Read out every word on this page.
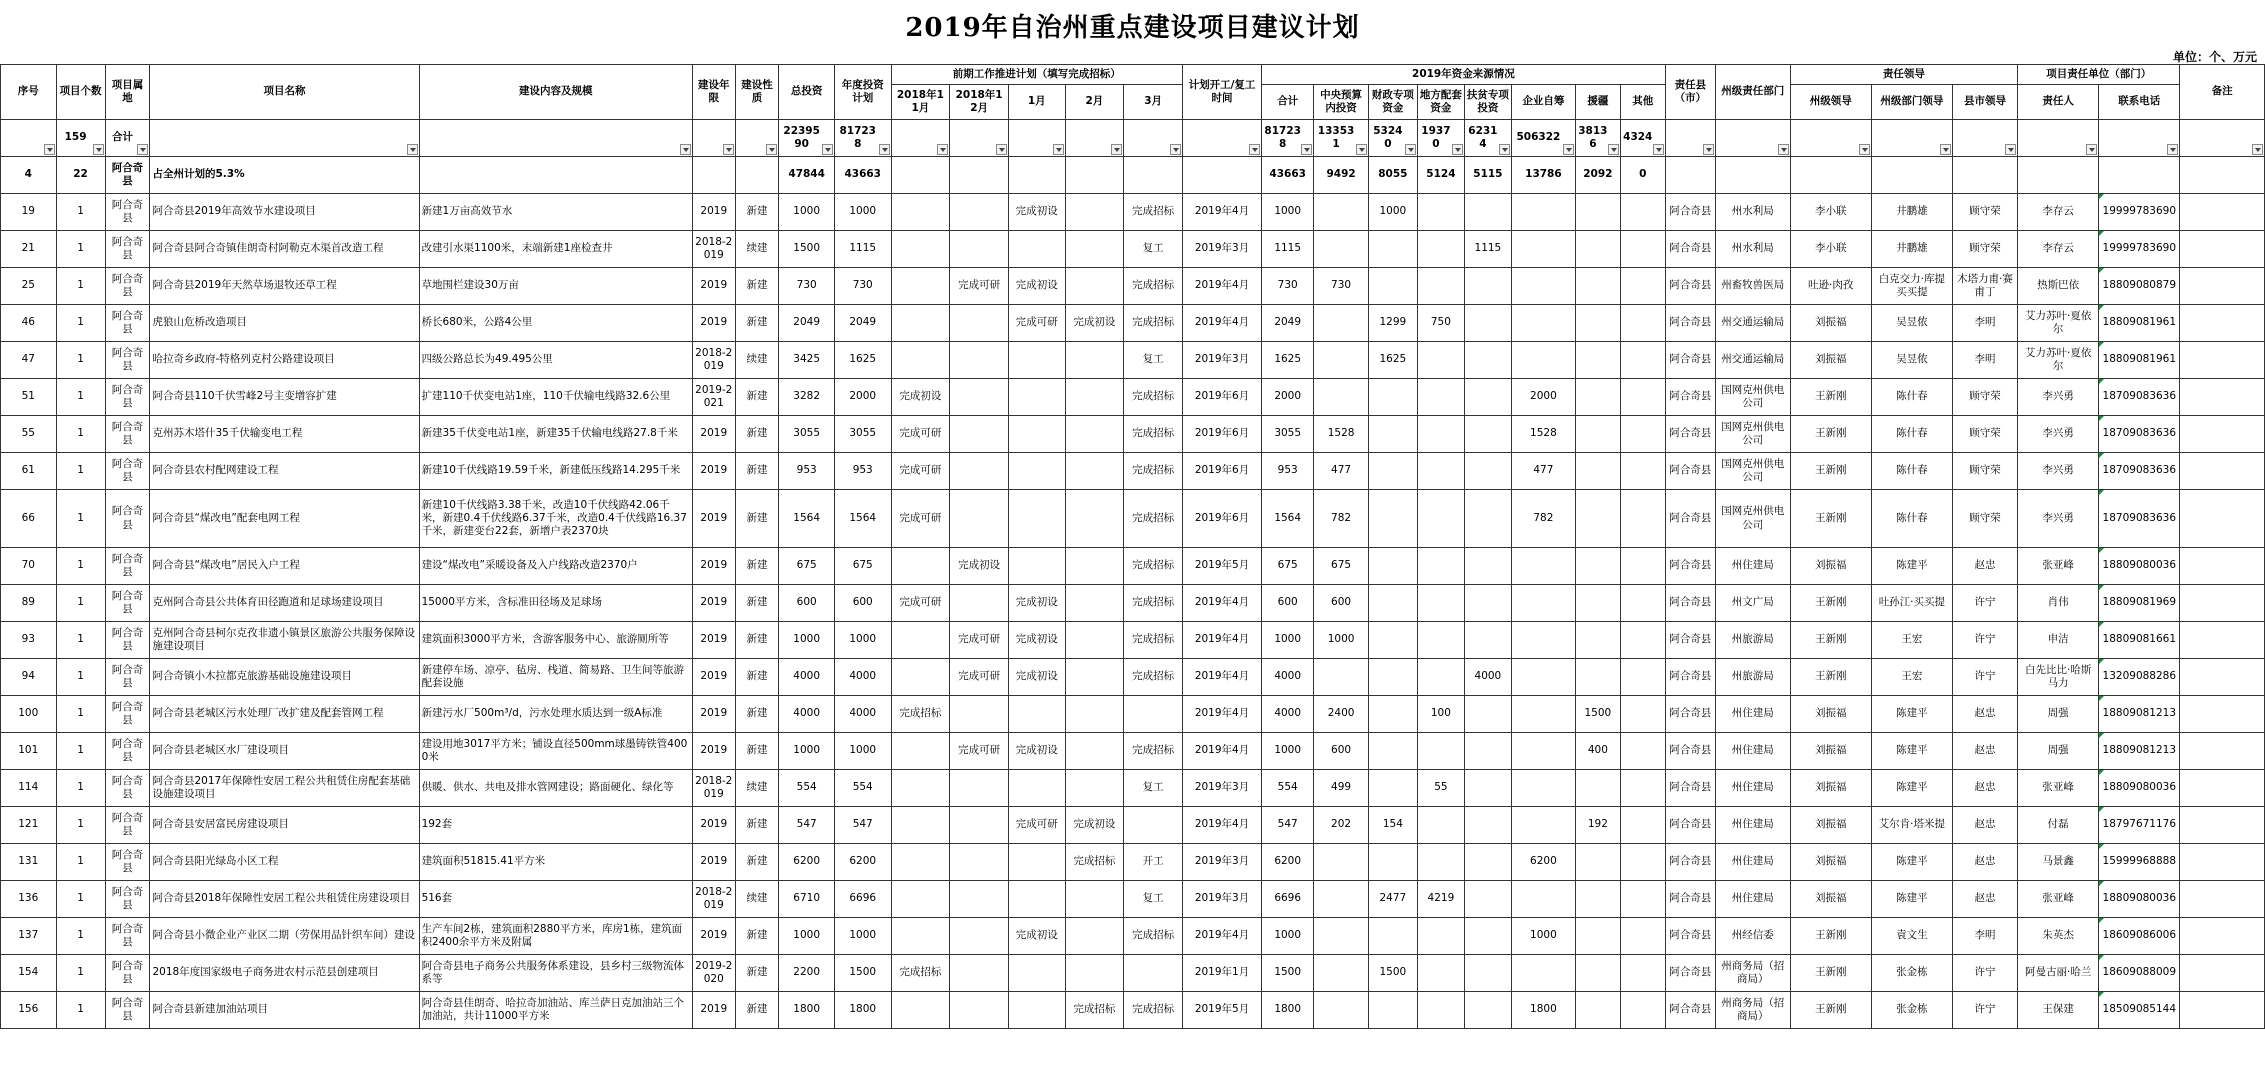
2019年自治州重点建设项目建议计划
单位：个、万元
序号	项目个数	项目属地	项目名称	建设内容及规模	建设年限	建设性质	总投资	年度投资计划	前期工作推进计划（填写完成招标）					计划开工/复工时间	2019年资金来源情况								责任县（市）	州级责任部门	责任领导			项目责任单位（部门）		备注
									2018年11月	2018年12月	1月	2月	3月		合计	中央预算内投资	财政专项资金	地方配套资金	扶贫专项投资	企业自筹	援疆	其他			州级领导	州级部门领导	县市领导	责任人	联系电话	

	159	合计					2239590	817238							817238	133531	53240	19370	62314	506322	38136	4324								

4	22	阿合奇县	占全州计划的5.3%				47844	43663							43663	9492	8055	5124	5115	13786	2092	0								
19	1	阿合奇县	阿合奇县2019年高效节水建设项目	新建1万亩高效节水	2019	新建	1000	1000			完成初设		完成招标	2019年4月	1000		1000						阿合奇县	州水利局	李小联	井鹏雄	顾守荣	李存云	19999783690

21	1	阿合奇县	阿合奇县阿合奇镇佳朗奇村阿勒克木渠首改造工程	改建引水渠1100米，末端新建1座检查井	2018-2019	续建	1500	1115					复工	2019年3月	1115				1115				阿合奇县	州水利局	李小联	井鹏雄	顾守荣	李存云	19999783690

25	1	阿合奇县	阿合奇县2019年天然草场退牧还草工程	草地围栏建设30万亩	2019	新建	730	730		完成可研	完成初设		完成招标	2019年4月	730	730							阿合奇县	州畜牧兽医局	吐逊·肉孜	白克交力·库提买买提	木塔力甫·赛甫丁	热斯巴依	18809080879

46	1	阿合奇县	虎狼山危桥改造项目	桥长680米，公路4公里	2019	新建	2049	2049			完成可研	完成初设	完成招标	2019年4月	2049		1299	750					阿合奇县	州交通运输局	刘振福	吴昱侬	李明	艾力苏叶·夏依尔	18809081961

47	1	阿合奇县	哈拉奇乡政府-特格列克村公路建设项目	四级公路总长为49.495公里	2018-2019	续建	3425	1625					复工	2019年3月	1625		1625						阿合奇县	州交通运输局	刘振福	吴昱侬	李明	艾力苏叶·夏依尔	18809081961

51	1	阿合奇县	阿合奇县110千伏雪峰2号主变增容扩建	扩建110千伏变电站1座，110千伏输电线路32.6公里	2019-2021	新建	3282	2000	完成初设				完成招标	2019年6月	2000					2000			阿合奇县	国网克州供电公司	王新刚	陈什春	顾守荣	李兴勇	18709083636

55	1	阿合奇县	克州苏木塔什35千伏输变电工程	新建35千伏变电站1座，新建35千伏输电线路27.8千米	2019	新建	3055	3055	完成可研				完成招标	2019年6月	3055	1528				1528			阿合奇县	国网克州供电公司	王新刚	陈什春	顾守荣	李兴勇	18709083636

61	1	阿合奇县	阿合奇县农村配网建设工程	新建10千伏线路19.59千米，新建低压线路14.295千米	2019	新建	953	953	完成可研				完成招标	2019年6月	953	477				477			阿合奇县	国网克州供电公司	王新刚	陈什春	顾守荣	李兴勇	18709083636

66	1	阿合奇县	阿合奇县“煤改电”配套电网工程	新建10千伏线路3.38千米，改造10千伏线路42.06千米，新建0.4千伏线路6.37千米，改造0.4千伏线路16.37千米，新建变台22套，新增户表2370块	2019	新建	1564	1564	完成可研				完成招标	2019年6月	1564	782				782			阿合奇县	国网克州供电公司	王新刚	陈什春	顾守荣	李兴勇	18709083636

70	1	阿合奇县	阿合奇县“煤改电”居民入户工程	建设“煤改电”采暖设备及入户线路改造2370户	2019	新建	675	675		完成初设			完成招标	2019年5月	675	675							阿合奇县	州住建局	刘振福	陈建平	赵忠	张亚峰	18809080036

89	1	阿合奇县	克州阿合奇县公共体育田径跑道和足球场建设项目	15000平方米，含标准田径场及足球场	2019	新建	600	600	完成可研		完成初设		完成招标	2019年4月	600	600							阿合奇县	州文广局	王新刚	吐孙江·买买提	许宁	肖伟	18809081969

93	1	阿合奇县	克州阿合奇县柯尔克孜非遗小镇景区旅游公共服务保障设施建设项目	建筑面积3000平方米，含游客服务中心、旅游厕所等	2019	新建	1000	1000		完成可研	完成初设		完成招标	2019年4月	1000	1000							阿合奇县	州旅游局	王新刚	王宏	许宁	申洁	18809081661

94	1	阿合奇县	阿合奇镇小木拉都克旅游基础设施建设项目	新建停车场、凉亭、毡房、栈道、简易路、卫生间等旅游配套设施	2019	新建	4000	4000		完成可研	完成初设		完成招标	2019年4月	4000				4000				阿合奇县	州旅游局	王新刚	王宏	许宁	白先比比·哈斯马力	13209088286

100	1	阿合奇县	阿合奇县老城区污水处理厂改扩建及配套管网工程	新建污水厂500m³/d，污水处理水质达到一级A标准	2019	新建	4000	4000	完成招标					2019年4月	4000	2400		100			1500		阿合奇县	州住建局	刘振福	陈建平	赵忠	周强	18809081213

101	1	阿合奇县	阿合奇县老城区水厂建设项目	建设用地3017平方米；铺设直径500mm球墨铸铁管4000米	2019	新建	1000	1000		完成可研	完成初设		完成招标	2019年4月	1000	600					400		阿合奇县	州住建局	刘振福	陈建平	赵忠	周强	18809081213

114	1	阿合奇县	阿合奇县2017年保障性安居工程公共租赁住房配套基础设施建设项目	供暖、供水、共电及排水管网建设；路面硬化、绿化等	2018-2019	续建	554	554					复工	2019年3月	554	499		55					阿合奇县	州住建局	刘振福	陈建平	赵忠	张亚峰	18809080036

121	1	阿合奇县	阿合奇县安居富民房建设项目	192套	2019	新建	547	547			完成可研	完成初设		2019年4月	547	202	154				192		阿合奇县	州住建局	刘振福	艾尔肯·塔米提	赵忠	付磊	18797671176

131	1	阿合奇县	阿合奇县阳光绿岛小区工程	建筑面积51815.41平方米	2019	新建	6200	6200				完成招标	开工	2019年3月	6200					6200			阿合奇县	州住建局	刘振福	陈建平	赵忠	马景鑫	15999968888

136	1	阿合奇县	阿合奇县2018年保障性安居工程公共租赁住房建设项目	516套	2018-2019	续建	6710	6696					复工	2019年3月	6696		2477	4219					阿合奇县	州住建局	刘振福	陈建平	赵忠	张亚峰	18809080036

137	1	阿合奇县	阿合奇县小微企业产业区二期（劳保用品针织车间）建设	生产车间2栋，建筑面积2880平方米，库房1栋，建筑面积2400余平方米及附属	2019	新建	1000	1000			完成初设		完成招标	2019年4月	1000					1000			阿合奇县	州经信委	王新刚	袁文生	李明	朱英杰	18609086006

154	1	阿合奇县	2018年度国家级电子商务进农村示范县创建项目	阿合奇县电子商务公共服务体系建设，县乡村三级物流体系等	2019-2020	新建	2200	1500	完成招标					2019年1月	1500		1500						阿合奇县	州商务局（招商局）	王新刚	张金栋	许宁	阿曼古丽·哈兰	18609088009

156	1	阿合奇县	阿合奇县新建加油站项目	阿合奇县佳朗奇、哈拉奇加油站、库兰萨日克加油站三个加油站，共计11000平方米	2019	新建	1800	1800				完成招标	完成招标	2019年5月	1800					1800			阿合奇县	州商务局（招商局）	王新刚	张金栋	许宁	王保建	18509085144
